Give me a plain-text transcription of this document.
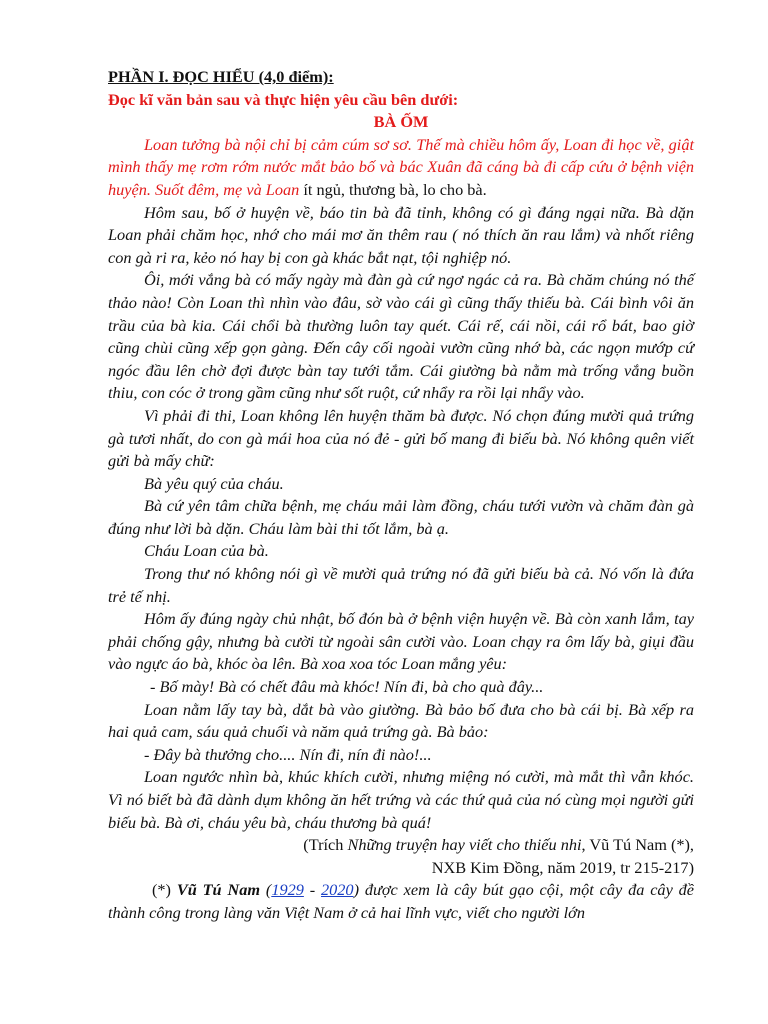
PHẦN I. ĐỌC HIỂU (4,0 điểm):

Đọc kĩ văn bản sau và thực hiện yêu cầu bên dưới:

BÀ ỐM

Loan tưởng bà nội chỉ bị cảm cúm sơ sơ. Thế mà chiều hôm ấy, Loan đi học về, giật mình thấy mẹ rơm rớm nước mắt bảo bố và bác Xuân đã cáng bà đi cấp cứu ở bệnh viện huyện. Suốt đêm, mẹ và Loan ít ngủ, thương bà, lo cho bà.

Hôm sau, bố ở huyện về, báo tin bà đã tỉnh, không có gì đáng ngại nữa. Bà dặn Loan phải chăm học, nhớ cho mái mơ ăn thêm rau ( nó thích ăn rau lắm) và nhốt riêng con gà ri ra, kẻo nó hay bị con gà khác bắt nạt, tội nghiệp nó.

Ôi, mới vắng bà có mấy ngày mà đàn gà cứ ngơ ngác cả ra. Bà chăm chúng nó thế thảo nào! Còn Loan thì nhìn vào đâu, sờ vào cái gì cũng thấy thiếu bà. Cái bình vôi ăn trầu của bà kia. Cái chổi bà thường luôn tay quét. Cái rế, cái nồi, cái rổ bát, bao giờ cũng chùi cũng xếp gọn gàng. Đến cây cối ngoài vườn cũng nhớ bà, các ngọn mướp cứ ngóc đầu lên chờ đợi được bàn tay tưới tắm. Cái giường bà nằm mà trống vắng buồn thiu, con cóc ở trong gầm cũng như sốt ruột, cứ nhẩy ra rồi lại nhẩy vào.

Vì phải đi thi, Loan không lên huyện thăm bà được. Nó chọn đúng mười quả trứng gà tươi nhất, do con gà mái hoa của nó đẻ - gửi bố mang đi biếu bà. Nó không quên viết gửi bà mấy chữ:

Bà yêu quý của cháu.

Bà cứ yên tâm chữa bệnh, mẹ cháu mải làm đồng, cháu tưới vườn và chăm đàn gà đúng như lời bà dặn. Cháu làm bài thi tốt lắm, bà ạ.

Cháu Loan của bà.

Trong thư nó không nói gì về mười quả trứng nó đã gửi biếu bà cả. Nó vốn là đứa trẻ tế nhị.

Hôm ấy đúng ngày chủ nhật, bố đón bà ở bệnh viện huyện về. Bà còn xanh lắm, tay phải chống gậy, nhưng bà cười từ ngoài sân cười vào. Loan chạy ra ôm lấy bà, giụi đầu vào ngực áo bà, khóc òa lên. Bà xoa xoa tóc Loan mắng yêu:

- Bố mày! Bà có chết đâu mà khóc! Nín đi, bà cho quà đây...

Loan nằm lấy tay bà, dắt bà vào giường. Bà bảo bố đưa cho bà cái bị. Bà xếp ra hai quả cam, sáu quả chuối và năm quả trứng gà. Bà bảo:

- Đây bà thưởng cho.... Nín đi, nín đi nào!...

Loan ngước nhìn bà, khúc khích cười, nhưng miệng nó cười, mà mắt thì vẫn khóc. Vì nó biết bà đã dành dụm không ăn hết trứng và các thứ quả của nó cùng mọi người gửi biếu bà. Bà ơi, cháu yêu bà, cháu thương bà quá!

(Trích Những truyện hay viết cho thiếu nhi, Vũ Tú Nam (*),

NXB Kim Đồng, năm 2019, tr 215-217)

(*) Vũ Tú Nam (1929 - 2020) được xem là cây bút gạo cội, một cây đa cây đề thành công trong làng văn Việt Nam ở cả hai lĩnh vực, viết cho người lớn
